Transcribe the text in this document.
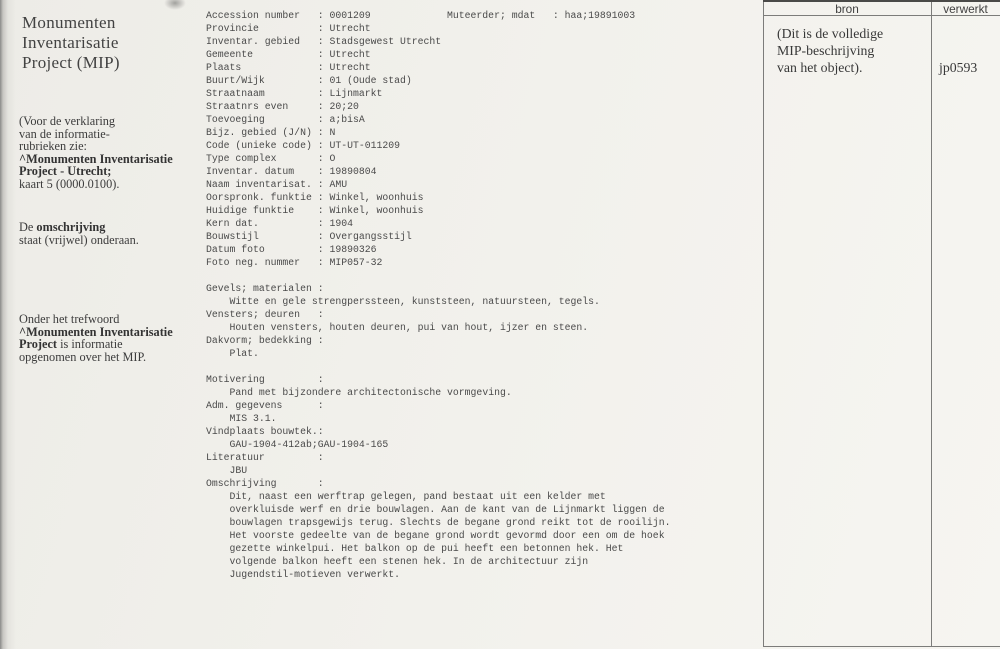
Monumenten
Inventarisatie
Project (MIP)
(Voor de verklaring
van de informatie-
rubrieken zie:
^Monumenten Inventarisatie
Project - Utrecht;
kaart 5 (0000.0100).
De omschrijving
staat (vrijwel) onderaan.
Onder het trefwoord
^Monumenten Inventarisatie
Project is informatie
opgenomen over het MIP.
Accession number : 0001209	Muteerder; mdat : haa;19891003
Provincie	: Utrecht
Inventar. gebied : Stadsgewest Utrecht
Gemeente	: Utrecht
Plaats	: Utrecht
Buurt/Wijk	: 01 (Oude stad)
Straatnaam	: Lijnmarkt
Straatnrs even	: 20;20
Toevoeging	: a;bisA
Bijz. gebied (J/N) : N
Code (unieke code) : UT-UT-011209
Type complex	: O
Inventar. datum : 19890804
Naam inventarisat. : AMU
Oorspronk. funktie : Winkel, woonhuis
Huidige funktie : Winkel, woonhuis
Kern dat.	: 1904
Bouwstijl	: Overgangsstijl
Datum foto	: 19890326
Foto neg. nummer : MIP057-32
Gevels; materialen :
Witte en gele strengperssteen, kunststeen, natuursteen, tegels.
Vensters; deuren :
Houten vensters, houten deuren, pui van hout, ijzer en steen.
Dakvorm; bedekking :
Plat.
Motivering	:
Pand met bijzondere architectonische vormgeving.
Adm. gegevens	:
MIS 3.1.
Vindplaats bouwtek.:
GAU-1904-412ab;GAU-1904-165
Literatuur	:
JBU
Omschrijving	:
Dit, naast een werftrap gelegen, pand bestaat uit een kelder met
overkluisde werf en drie bouwlagen. Aan de kant van de Lijnmarkt liggen de
bouwlagen trapsgewijs terug. Slechts de begane grond reikt tot de rooilijn.
Het voorste gedeelte van de begane grond wordt gevormd door een om de hoek
gezette winkelpui. Het balkon op de pui heeft een betonnen hek. Het
volgende balkon heeft een stenen hek. In de architectuur zijn
Jugendstil-motieven verwerkt.
bron	verwerkt
(Dit is de volledige
MIP-beschrijving
van het object).	jp0593
